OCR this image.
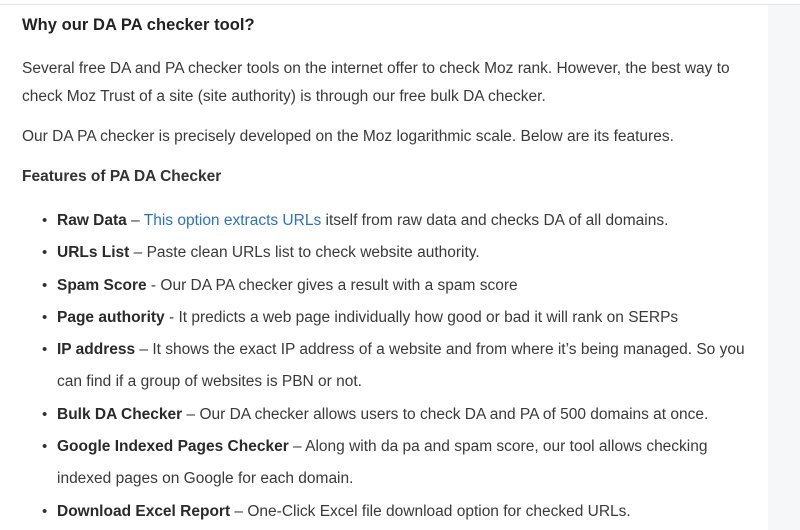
Why our DA PA checker tool?

Several free DA and PA checker tools on the internet offer to check Moz rank. However, the best way to check Moz Trust of a site (site authority) is through our free bulk DA checker.

Our DA PA checker is precisely developed on the Moz logarithmic scale. Below are its features.

Features of PA DA Checker
• Raw Data – This option extracts URLs itself from raw data and checks DA of all domains.
• URLs List – Paste clean URLs list to check website authority.
• Spam Score - Our DA PA checker gives a result with a spam score
• Page authority - It predicts a web page individually how good or bad it will rank on SERPs
• IP address – It shows the exact IP address of a website and from where it’s being managed. So you can find if a group of websites is PBN or not.
• Bulk DA Checker – Our DA checker allows users to check DA and PA of 500 domains at once.
• Google Indexed Pages Checker – Along with da pa and spam score, our tool allows checking indexed pages on Google for each domain.
• Download Excel Report – One-Click Excel file download option for checked URLs.
